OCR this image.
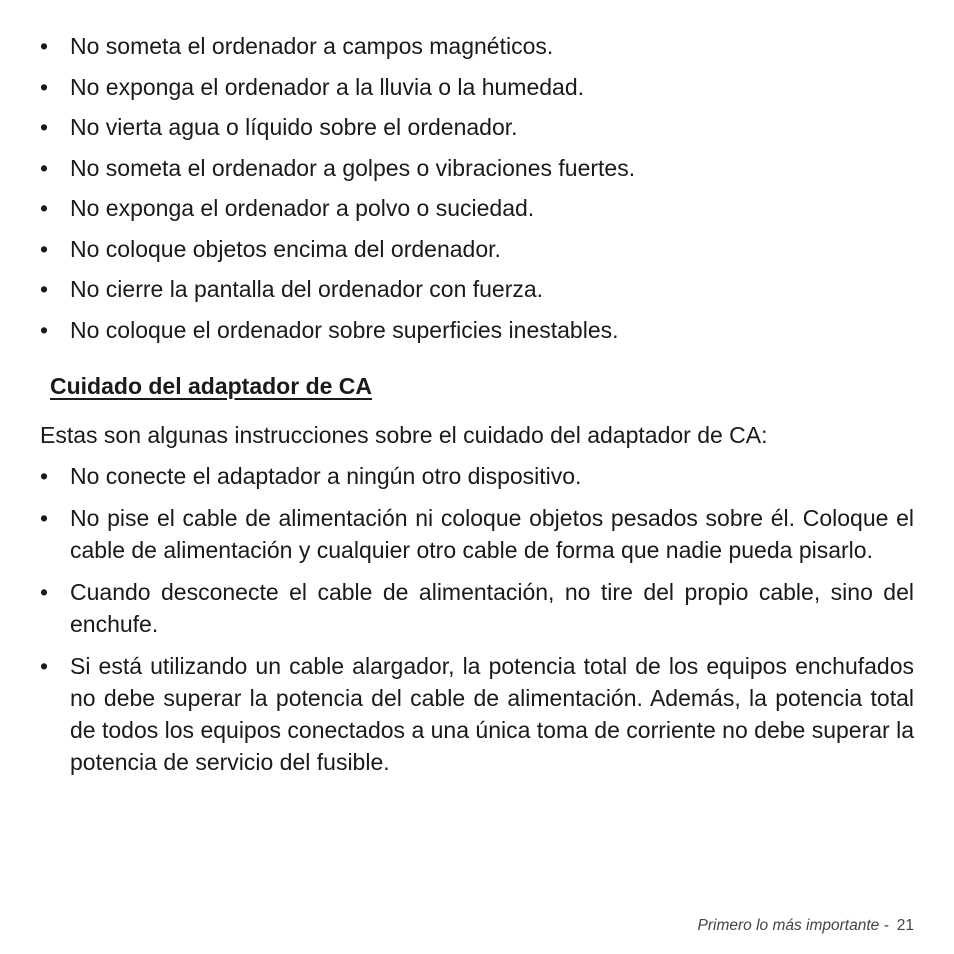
• No someta el ordenador a campos magnéticos.
• No exponga el ordenador a la lluvia o la humedad.
• No vierta agua o líquido sobre el ordenador.
• No someta el ordenador a golpes o vibraciones fuertes.
• No exponga el ordenador a polvo o suciedad.
• No coloque objetos encima del ordenador.
• No cierre la pantalla del ordenador con fuerza.
• No coloque el ordenador sobre superficies inestables.
Cuidado del adaptador de CA

Estas son algunas instrucciones sobre el cuidado del adaptador de CA:

• No conecte el adaptador a ningún otro dispositivo.
• No pise el cable de alimentación ni coloque objetos pesados sobre él. Coloque el cable de alimentación y cualquier otro cable de forma que nadie pueda pisarlo.
• Cuando desconecte el cable de alimentación, no tire del propio cable, sino del enchufe.
• Si está utilizando un cable alargador, la potencia total de los equipos enchufados no debe superar la potencia del cable de alimentación. Además, la potencia total de todos los equipos conectados a una única toma de corriente no debe superar la potencia de servicio del fusible.
Primero lo más importante - 21
